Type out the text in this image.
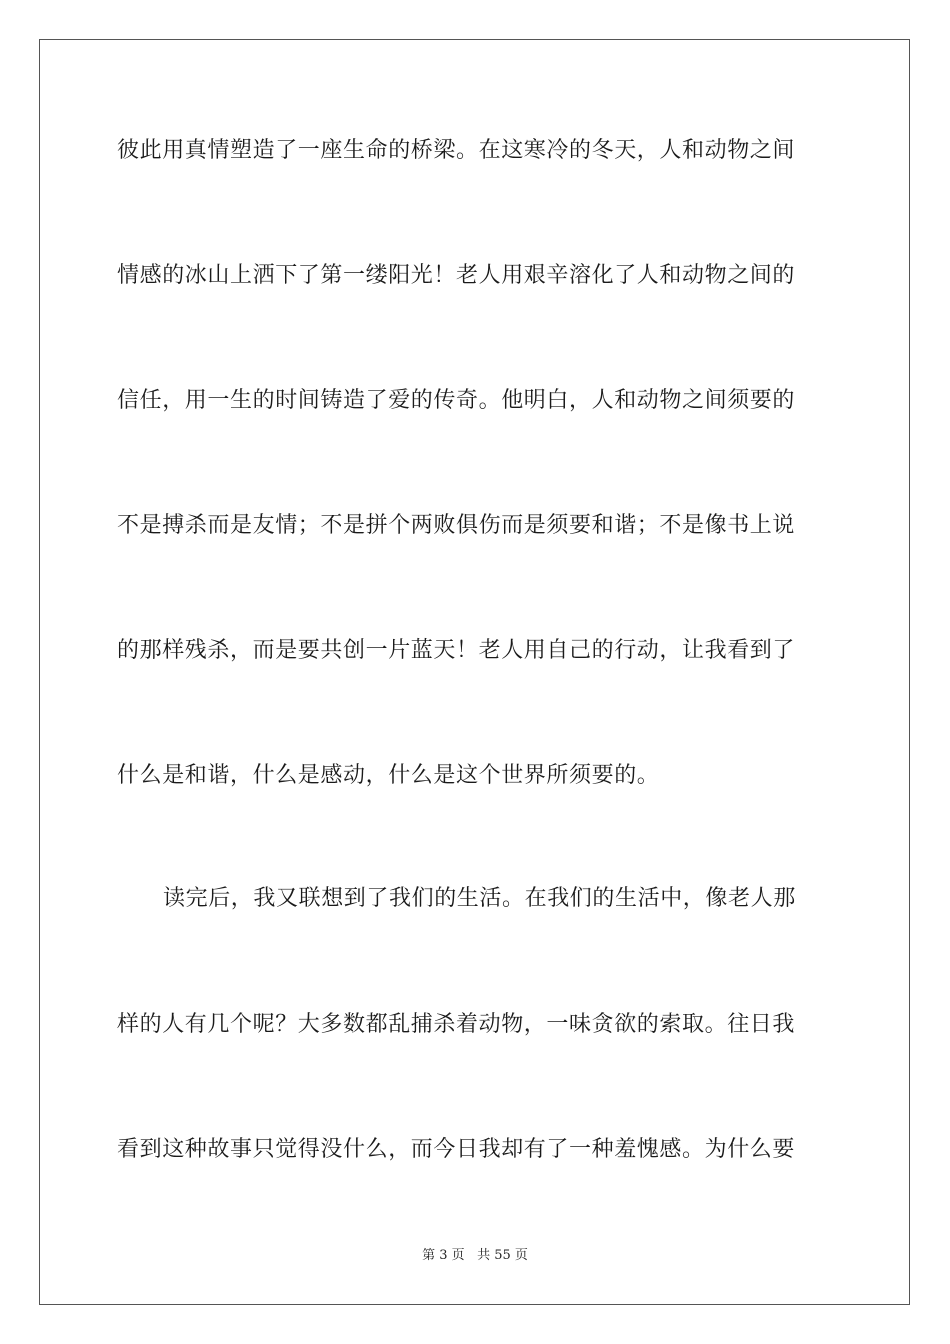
彼此用真情塑造了一座生命的桥梁。在这寒冷的冬天，人和动物之间
情感的冰山上洒下了第一缕阳光！老人用艰辛溶化了人和动物之间的
信任，用一生的时间铸造了爱的传奇。他明白，人和动物之间须要的
不是搏杀而是友情；不是拼个两败俱伤而是须要和谐；不是像书上说
的那样残杀，而是要共创一片蓝天！老人用自己的行动，让我看到了
什么是和谐，什么是感动，什么是这个世界所须要的。
读完后，我又联想到了我们的生活。在我们的生活中，像老人那
样的人有几个呢？大多数都乱捕杀着动物，一味贪欲的索取。往日我
看到这种故事只觉得没什么，而今日我却有了一种羞愧感。为什么要
第 3 页 共 55 页
